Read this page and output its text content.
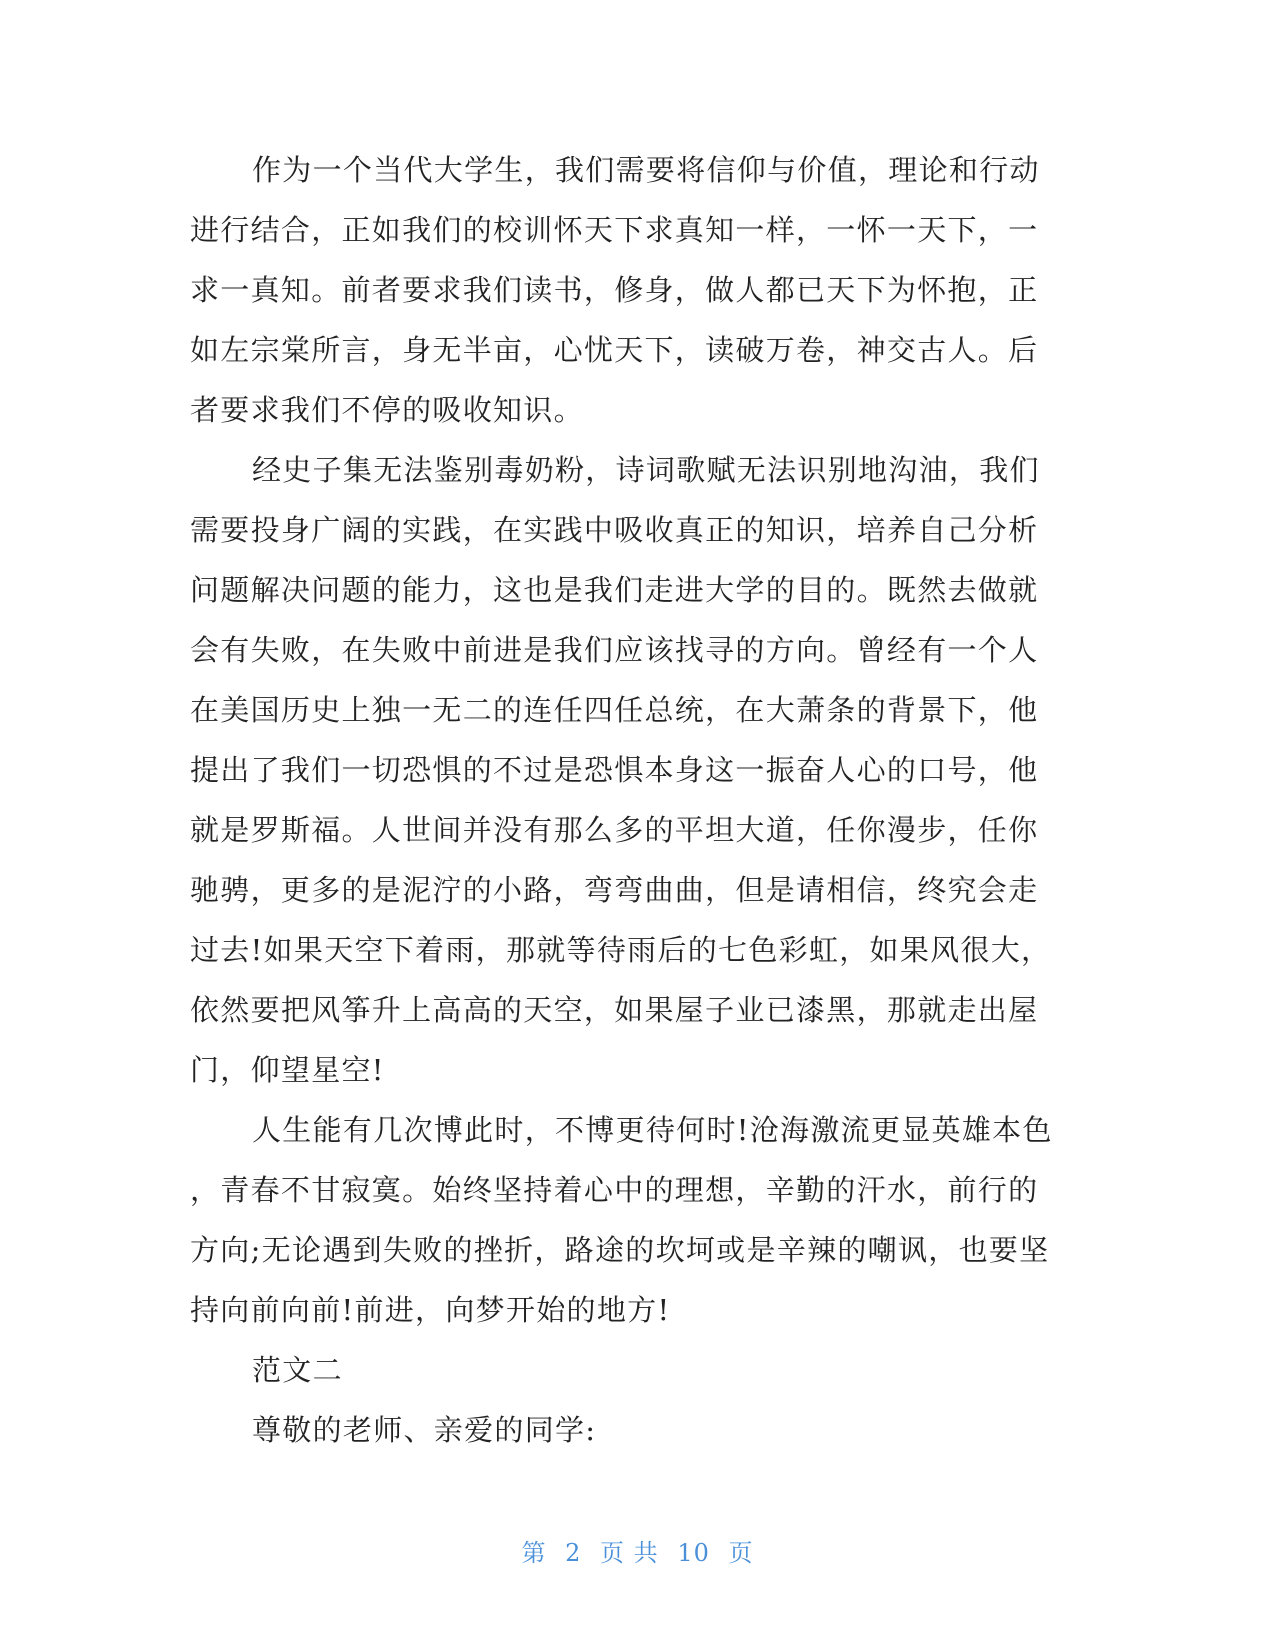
作为一个当代大学生，我们需要将信仰与价值，理论和行动
进行结合，正如我们的校训怀天下求真知一样，一怀一天下，一
求一真知。前者要求我们读书，修身，做人都已天下为怀抱，正
如左宗棠所言，身无半亩，心忧天下，读破万卷，神交古人。后
者要求我们不停的吸收知识。
经史子集无法鉴别毒奶粉，诗词歌赋无法识别地沟油，我们
需要投身广阔的实践，在实践中吸收真正的知识，培养自己分析
问题解决问题的能力，这也是我们走进大学的目的。既然去做就
会有失败，在失败中前进是我们应该找寻的方向。曾经有一个人
在美国历史上独一无二的连任四任总统，在大萧条的背景下，他
提出了我们一切恐惧的不过是恐惧本身这一振奋人心的口号，他
就是罗斯福。人世间并没有那么多的平坦大道，任你漫步，任你
驰骋，更多的是泥泞的小路，弯弯曲曲，但是请相信，终究会走
过去!如果天空下着雨，那就等待雨后的七色彩虹，如果风很大，
依然要把风筝升上高高的天空，如果屋子业已漆黑，那就走出屋
门，仰望星空!
人生能有几次博此时，不博更待何时!沧海激流更显英雄本色
，青春不甘寂寞。始终坚持着心中的理想，辛勤的汗水，前行的
方向;无论遇到失败的挫折，路途的坎坷或是辛辣的嘲讽，也要坚
持向前向前!前进，向梦开始的地方!
范文二
尊敬的老师、亲爱的同学:
第 2 页 共 10 页
